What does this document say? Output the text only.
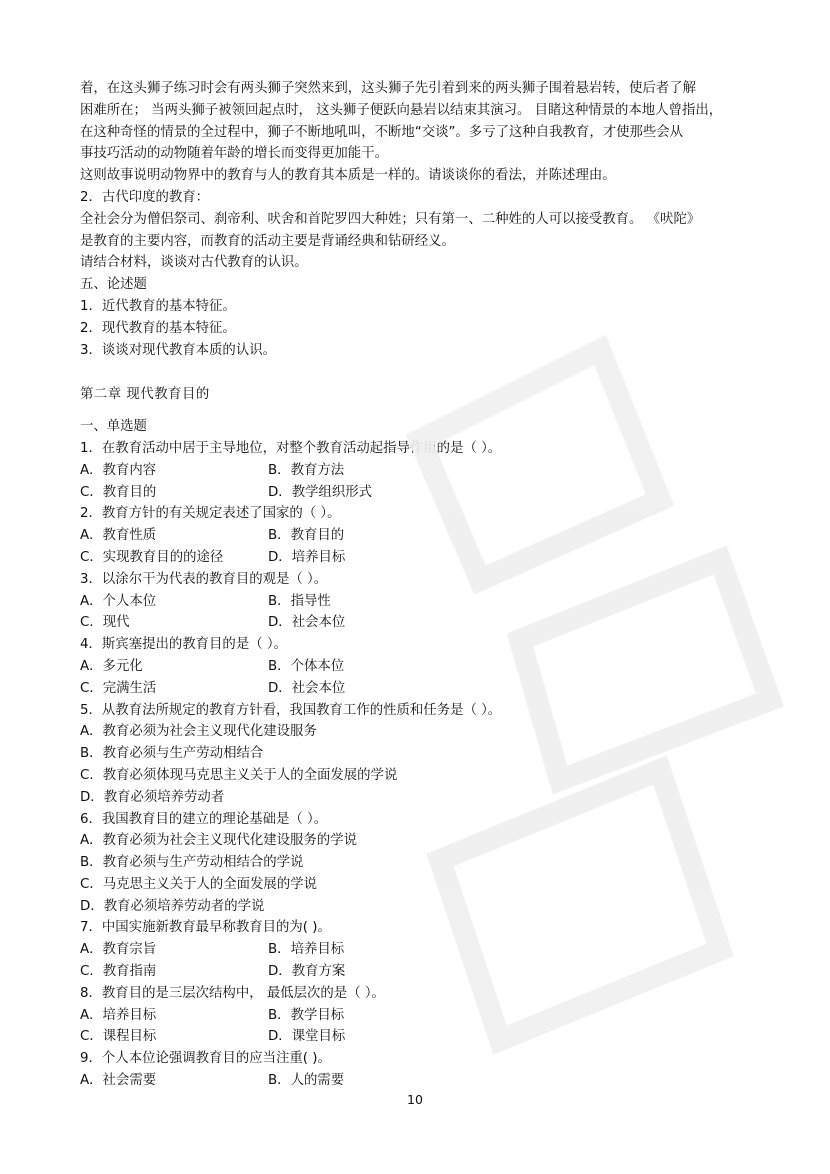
着，在这头狮子练习时会有两头狮子突然来到，这头狮子先引着到来的两头狮子围着悬岩转，使后者了解
困难所在； 当两头狮子被领回起点时， 这头狮子便跃向悬岩以结束其演习。 目睹这种情景的本地人曾指出，
在这种奇怪的情景的全过程中，狮子不断地吼叫，不断地“交谈”。多亏了这种自我教育，才使那些会从
事技巧活动的动物随着年龄的增长而变得更加能干。
这则故事说明动物界中的教育与人的教育其本质是一样的。请谈谈你的看法，并陈述理由。
2．古代印度的教育：
全社会分为僧侣祭司、刹帝利、吠舍和首陀罗四大种姓；只有第一、二种姓的人可以接受教育。 《吠陀》
是教育的主要内容，而教育的活动主要是背诵经典和钻研经义。
请结合材料，谈谈对古代教育的认识。
五、论述题
1．近代教育的基本特征。
2．现代教育的基本特征。
3．谈谈对现代教育本质的认识。
第二章 现代教育目的
一、单选题
1．在教育活动中居于主导地位，对整个教育活动起指导作用的是（ ）。
A．教育内容	B．教育方法
C．教育目的	D．教学组织形式
2．教育方针的有关规定表述了国家的（ ）。
A．教育性质	B．教育目的
C．实现教育目的的途径	D．培养目标
3．以涂尔干为代表的教育目的观是（ ）。
A．个人本位	B．指导性
C．现代	D．社会本位
4．斯宾塞提出的教育目的是（ ）。
A．多元化	B．个体本位
C．完满生活	D．社会本位
5．从教育法所规定的教育方针看，我国教育工作的性质和任务是（ ）。
A．教育必须为社会主义现代化建设服务
B．教育必须与生产劳动相结合
C．教育必须体现马克思主义关于人的全面发展的学说
D．教育必须培养劳动者
6．我国教育目的建立的理论基础是（ ）。
A．教育必须为社会主义现代化建设服务的学说
B．教育必须与生产劳动相结合的学说
C．马克思主义关于人的全面发展的学说
D．教育必须培养劳动者的学说
7．中国实施新教育最早称教育目的为( )。
A．教育宗旨	B．培养目标
C．教育指南	D．教育方案
8．教育目的是三层次结构中， 最低层次的是（ ）。
A．培养目标	B．教学目标
C．课程目标	D．课堂目标
9．个人本位论强调教育目的应当注重( )。
A．社会需要	B．人的需要
10
